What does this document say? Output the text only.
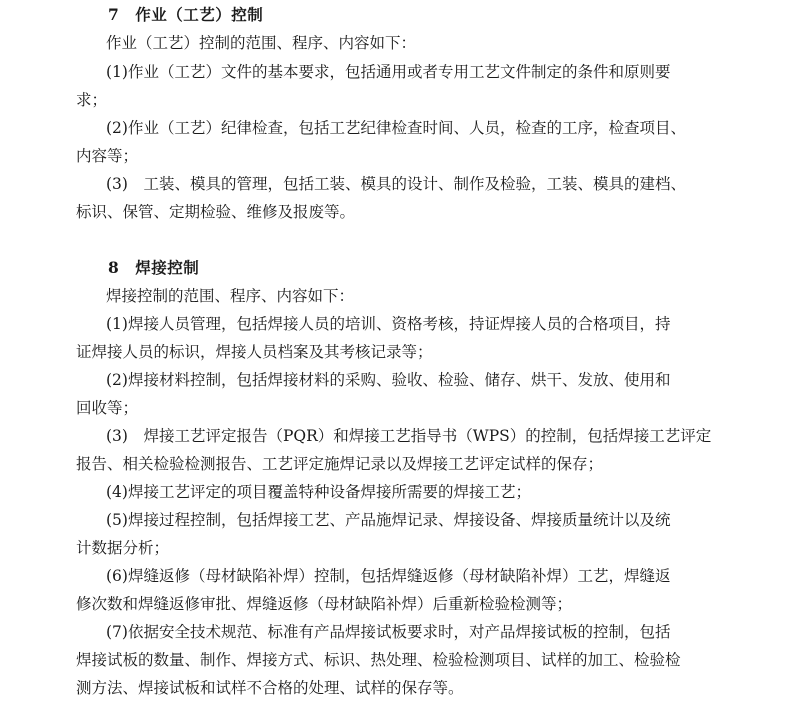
7　作业（工艺）控制
作业（工艺）控制的范围、程序、内容如下：
(1)作业（工艺）文件的基本要求，包括通用或者专用工艺文件制定的条件和原则要
求；
(2)作业（工艺）纪律检查，包括工艺纪律检查时间、人员，检查的工序，检查项目、
内容等；
(3)　工装、模具的管理，包括工装、模具的设计、制作及检验，工装、模具的建档、
标识、保管、定期检验、维修及报废等。
8　焊接控制
焊接控制的范围、程序、内容如下：
(1)焊接人员管理，包括焊接人员的培训、资格考核，持证焊接人员的合格项目，持
证焊接人员的标识，焊接人员档案及其考核记录等；
(2)焊接材料控制，包括焊接材料的采购、验收、检验、储存、烘干、发放、使用和
回收等；
(3)　焊接工艺评定报告（PQR）和焊接工艺指导书（WPS）的控制，包括焊接工艺评定
报告、相关检验检测报告、工艺评定施焊记录以及焊接工艺评定试样的保存；
(4)焊接工艺评定的项目覆盖特种设备焊接所需要的焊接工艺；
(5)焊接过程控制，包括焊接工艺、产品施焊记录、焊接设备、焊接质量统计以及统
计数据分析；
(6)焊缝返修（母材缺陷补焊）控制，包括焊缝返修（母材缺陷补焊）工艺，焊缝返
修次数和焊缝返修审批、焊缝返修（母材缺陷补焊）后重新检验检测等；
(7)依据安全技术规范、标准有产品焊接试板要求时，对产品焊接试板的控制，包括
焊接试板的数量、制作、焊接方式、标识、热处理、检验检测项目、试样的加工、检验检
测方法、焊接试板和试样不合格的处理、试样的保存等。
